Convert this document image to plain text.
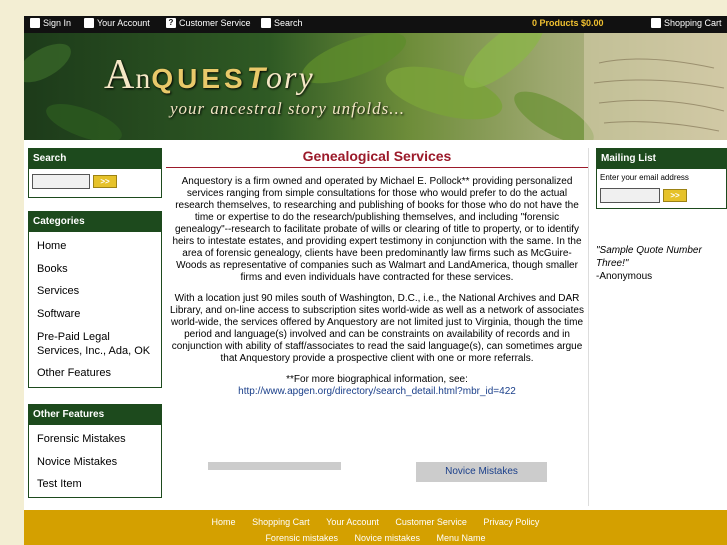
Sign In	Your Account	? Customer Service	Search	0 Products $0.00	Shopping Cart
AnQUESTory
your ancestral story unfolds...
Search
>>
Categories
Home
Books
Services
Software
Pre-Paid Legal Services, Inc., Ada, OK
Other Features
Other Features
Forensic Mistakes
Novice Mistakes
Test Item
Genealogical Services

Anquestory is a firm owned and operated by Michael E. Pollock** providing personalized services ranging from simple consultations for those who would prefer to do the actual research themselves, to researching and publishing of books for those who do not have the time or expertise to do the research/publishing themselves, and including "forensic genealogy"--research to facilitate probate of wills or clearing of title to property, or to identify heirs to intestate estates, and providing expert testimony in conjunction with the same. In the area of forensic genealogy, clients have been predominantly law firms such as McGuire-Woods as representative of companies such as Walmart and LandAmerica, though smaller firms and even individuals have contracted for these services.

With a location just 90 miles south of Washington, D.C., i.e., the National Archives and DAR Library, and on-line access to subscription sites world-wide as well as a network of associates world-wide, the services offered by Anquestory are not limited just to Virginia, though the time period and language(s) involved and can be constraints on availability of records and in conjunction with ability of staff/associates to read the said language(s), can sometimes argue that Anquestory provide a prospective client with one or more referrals.

**For more biographical information, see:

http://www.apgen.org/directory/search_detail.html?mbr_id=422

Novice Mistakes
Mailing List
Enter your email address
>>
"Sample Quote Number Three!"
-Anonymous
Home Shopping Cart Your Account Customer Service Privacy Policy
Forensic mistakes Novice mistakes Menu Name
